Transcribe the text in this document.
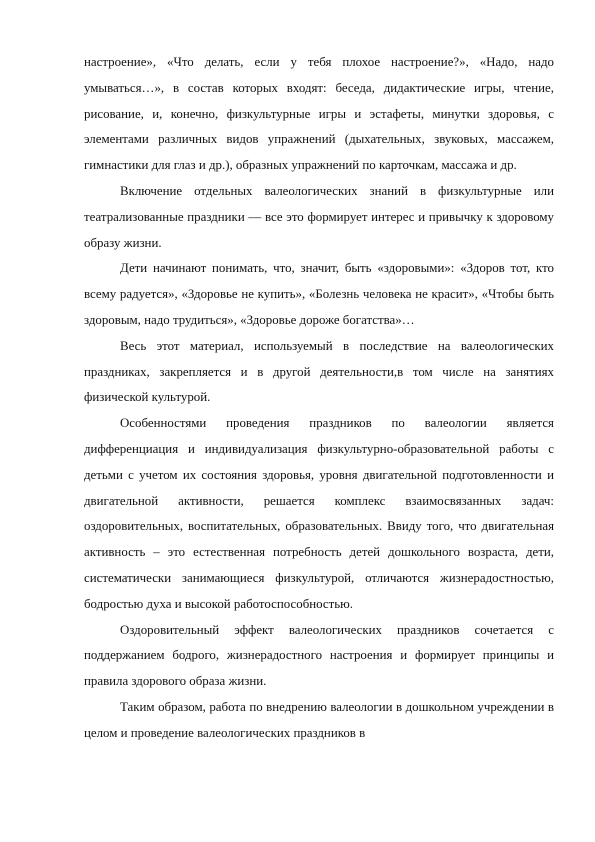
настроение», «Что делать, если у тебя плохое настроение?», «Надо, надо умываться…», в состав которых входят: беседа, дидактические игры, чтение, рисование, и, конечно, физкультурные игры и эстафеты, минутки здоровья, с элементами различных видов упражнений (дыхательных, звуковых, массажем, гимнастики для глаз и др.), образных упражнений по карточкам, массажа и др.

Включение отдельных валеологических знаний в физкультурные или театрализованные праздники — все это формирует интерес и привычку к здоровому образу жизни.

Дети начинают понимать, что, значит, быть «здоровыми»: «Здоров тот, кто всему радуется», «Здоровье не купить», «Болезнь человека не красит», «Чтобы быть здоровым, надо трудиться», «Здоровье дороже богатства»…

Весь этот материал, используемый в последствие на валеологических праздниках, закрепляется и в другой деятельности,в том числе на занятиях физической культурой.

Особенностями проведения праздников по валеологии является дифференциация и индивидуализация физкультурно-образовательной работы с детьми с учетом их состояния здоровья, уровня двигательной подготовленности и двигательной активности, решается комплекс взаимосвязанных задач: оздоровительных, воспитательных, образовательных. Ввиду того, что двигательная активность – это естественная потребность детей дошкольного возраста, дети, систематически занимающиеся физкультурой, отличаются жизнерадостностью, бодростью духа и высокой работоспособностью.

Оздоровительный эффект валеологических праздников сочетается с поддержанием бодрого, жизнерадостного настроения и формирует принципы и правила здорового образа жизни.

Таким образом, работа по внедрению валеологии в дошкольном учреждении в целом и проведение валеологических праздников в
